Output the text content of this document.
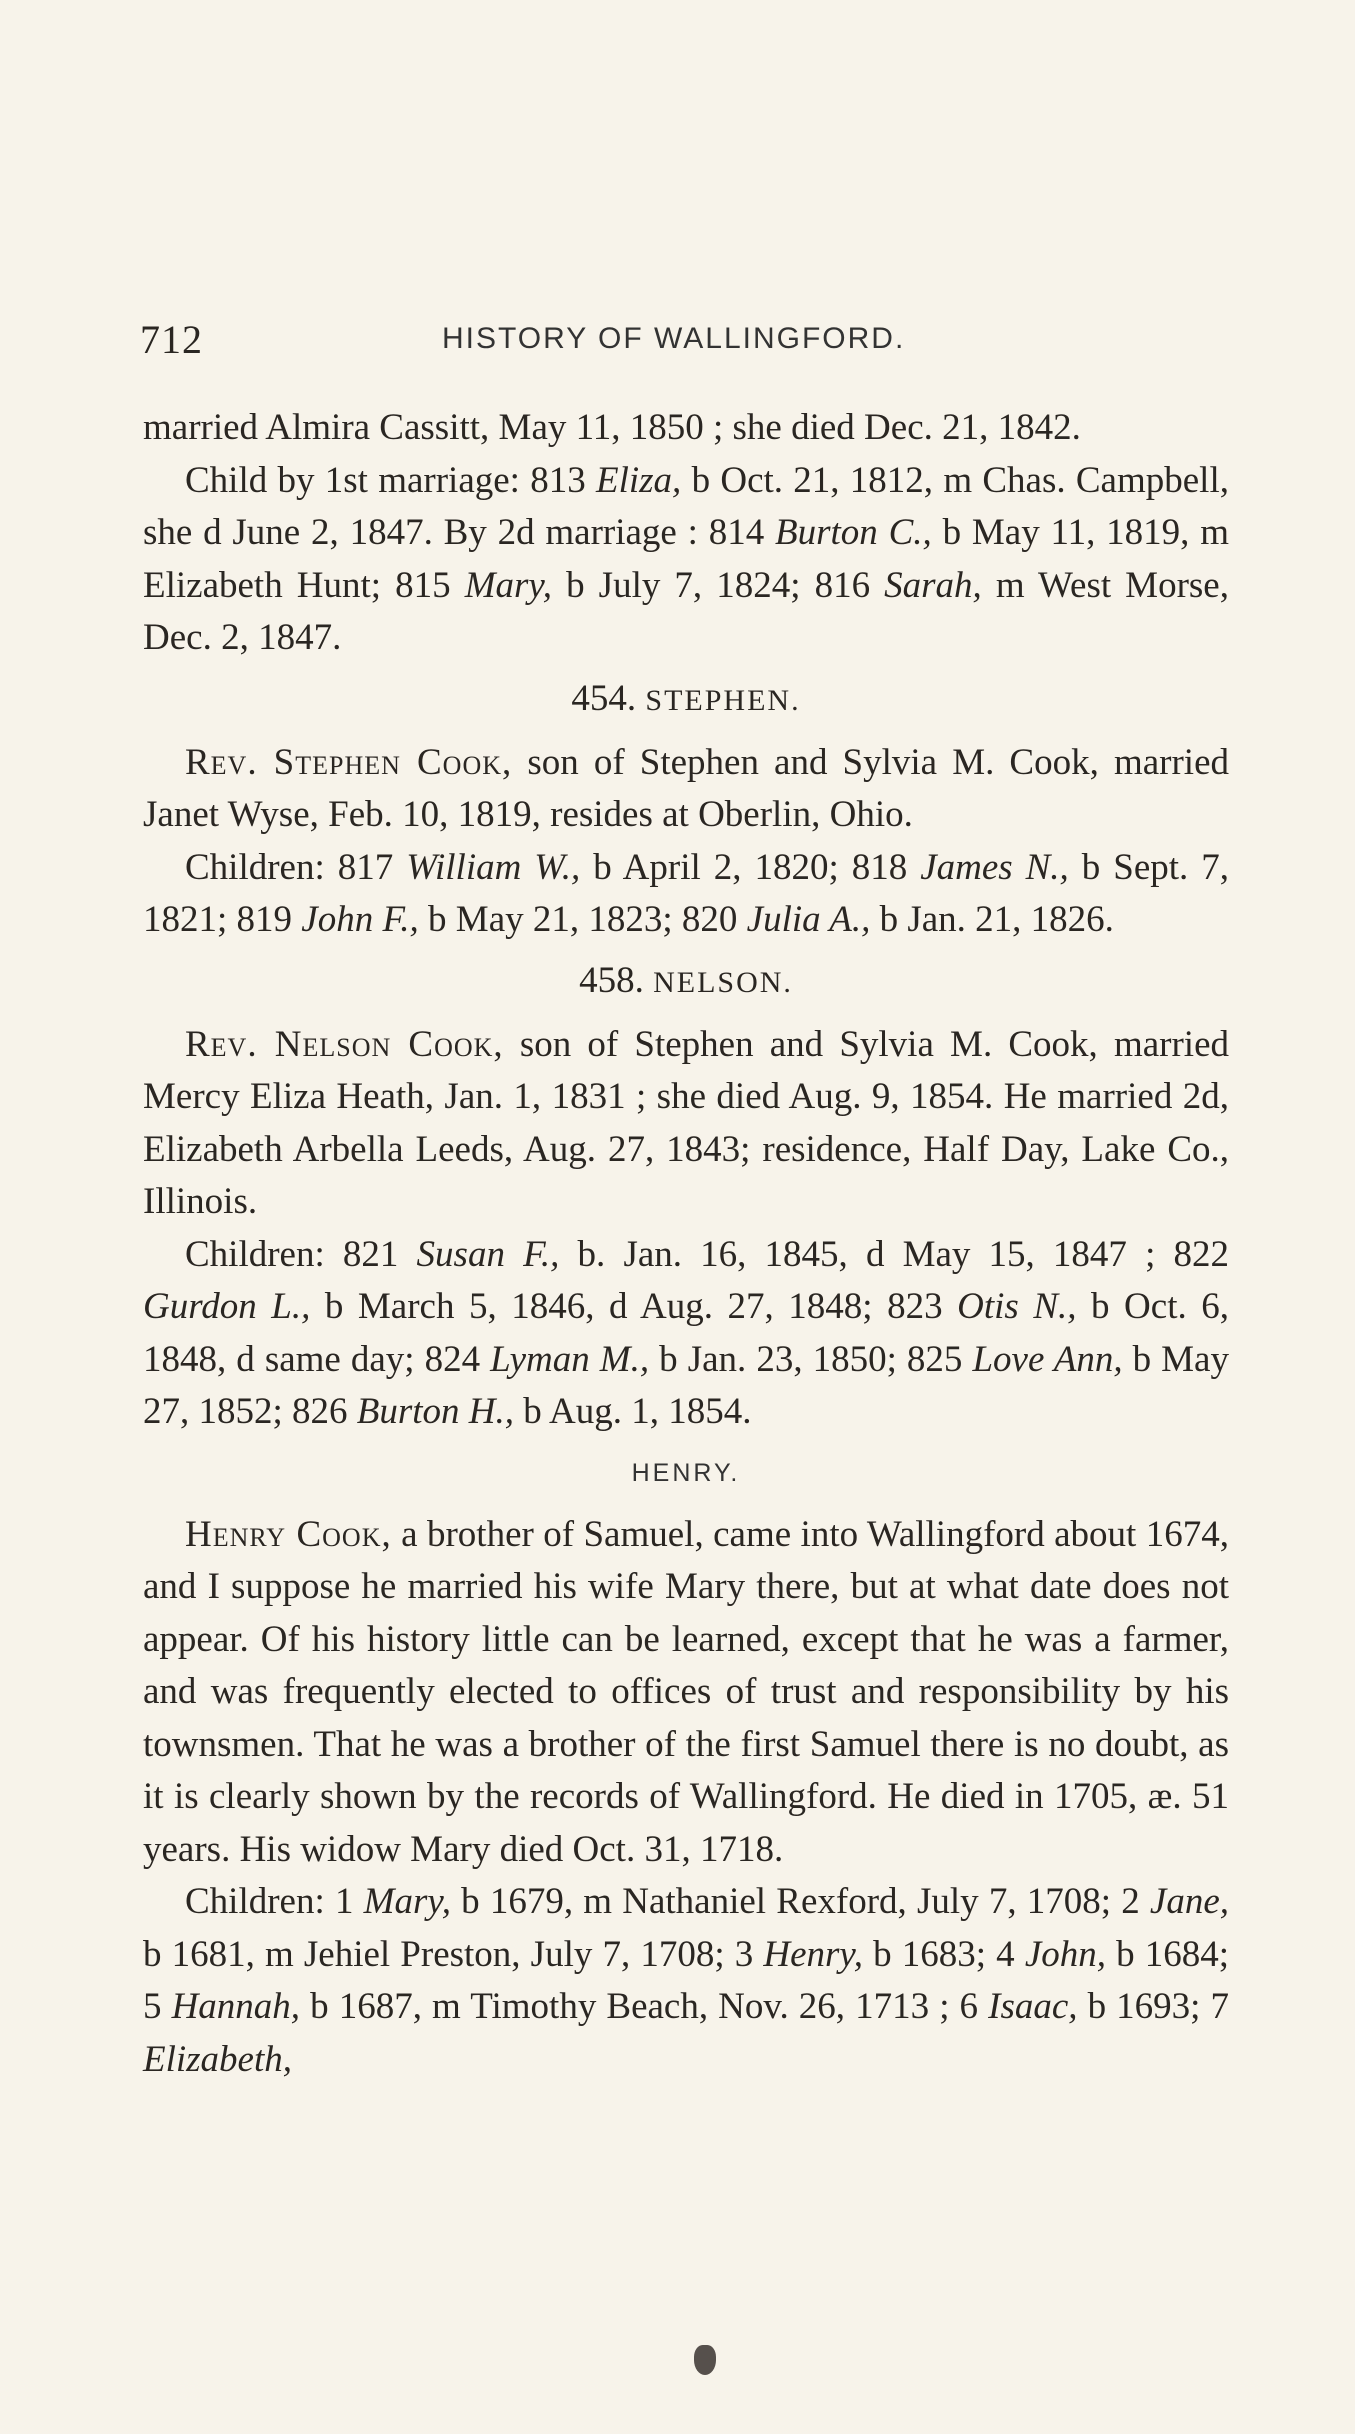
712	HISTORY OF WALLINGFORD.

married Almira Cassitt, May 11, 1850 ; she died Dec. 21, 1842.

Child by 1st marriage: 813 Eliza, b Oct. 21, 1812, m Chas. Campbell, she d June 2, 1847. By 2d marriage : 814 Burton C., b May 11, 1819, m Elizabeth Hunt; 815 Mary, b July 7, 1824; 816 Sarah, m West Morse, Dec. 2, 1847.

454. STEPHEN.

Rev. Stephen Cook, son of Stephen and Sylvia M. Cook, married Janet Wyse, Feb. 10, 1819, resides at Oberlin, Ohio.

Children: 817 William W., b April 2, 1820; 818 James N., b Sept. 7, 1821; 819 John F., b May 21, 1823; 820 Julia A., b Jan. 21, 1826.

458. NELSON.

Rev. Nelson Cook, son of Stephen and Sylvia M. Cook, married Mercy Eliza Heath, Jan. 1, 1831 ; she died Aug. 9, 1854. He married 2d, Elizabeth Arbella Leeds, Aug. 27, 1843; residence, Half Day, Lake Co., Illinois.

Children: 821 Susan F., b. Jan. 16, 1845, d May 15, 1847 ; 822 Gurdon L., b March 5, 1846, d Aug. 27, 1848; 823 Otis N., b Oct. 6, 1848, d same day; 824 Lyman M., b Jan. 23, 1850; 825 Love Ann, b May 27, 1852; 826 Burton H., b Aug. 1, 1854.

HENRY.

Henry Cook, a brother of Samuel, came into Wallingford about 1674, and I suppose he married his wife Mary there, but at what date does not appear. Of his history little can be learned, except that he was a farmer, and was frequently elected to offices of trust and responsibility by his townsmen. That he was a brother of the first Samuel there is no doubt, as it is clearly shown by the records of Wallingford. He died in 1705, æ. 51 years. His widow Mary died Oct. 31, 1718.

Children: 1 Mary, b 1679, m Nathaniel Rexford, July 7, 1708; 2 Jane, b 1681, m Jehiel Preston, July 7, 1708; 3 Henry, b 1683; 4 John, b 1684; 5 Hannah, b 1687, m Timothy Beach, Nov. 26, 1713 ; 6 Isaac, b 1693; 7 Elizabeth,
